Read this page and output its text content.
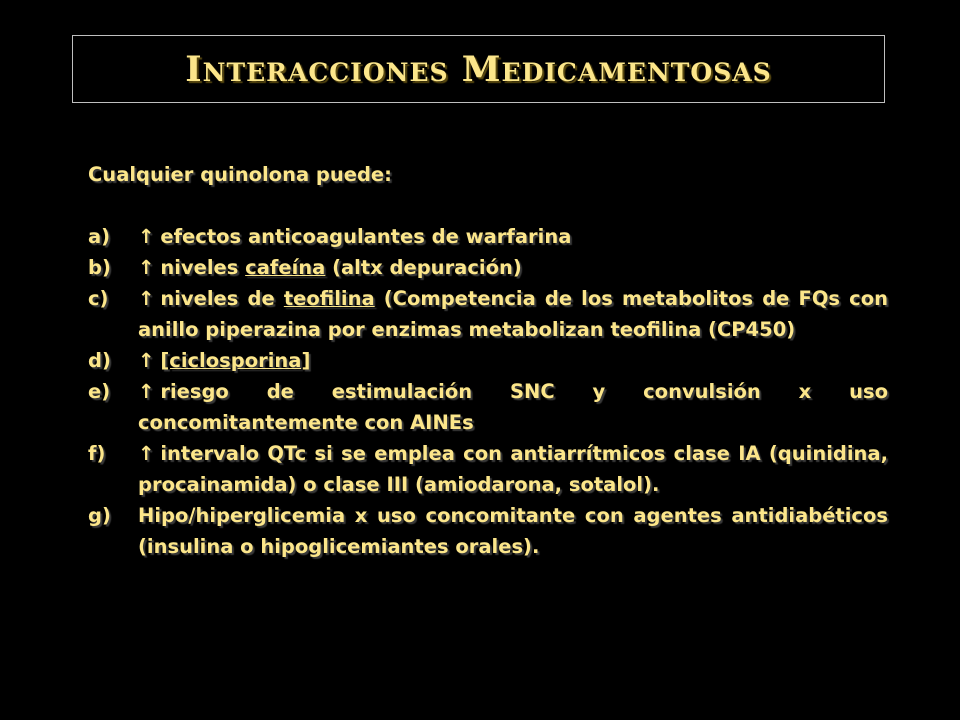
Interacciones Medicamentosas

Cualquier quinolona puede:

a) ↑ efectos anticoagulantes de warfarina
b) ↑ niveles cafeína (altx depuración)
c) ↑ niveles de teofilina (Competencia de los metabolitos de FQs con anillo piperazina por enzimas metabolizan teofilina (CP450)
d) ↑ [ciclosporina]
e) ↑ riesgo de estimulación SNC y convulsión x uso concomitantemente con AINEs
f) ↑ intervalo QTc si se emplea con antiarrítmicos clase IA (quinidina, procainamida) o clase III (amiodarona, sotalol).
g) Hipo/hiperglicemia x uso concomitante con agentes antidiabéticos (insulina o hipoglicemiantes orales).
